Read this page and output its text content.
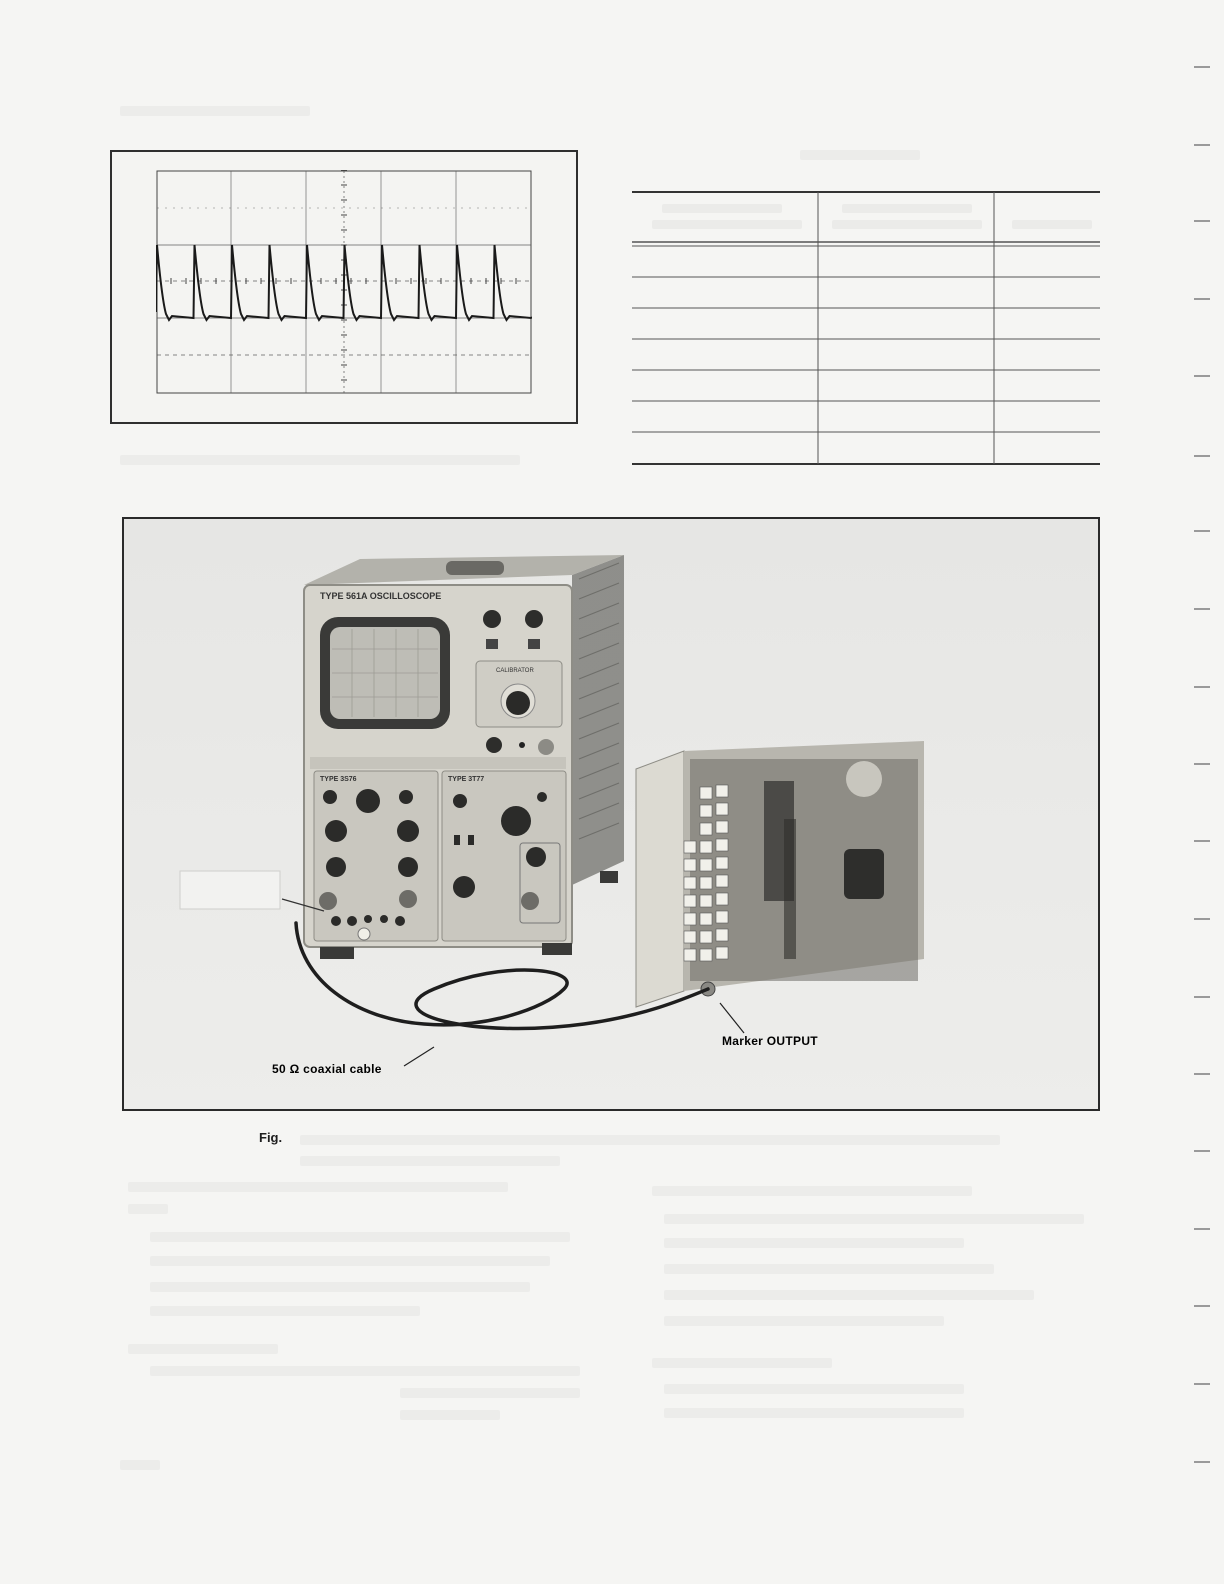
TYPE 561A OSCILLOSCOPE
CALIBRATOR
TYPE 3S76	TYPE 3T77
Marker OUTPUT
50 Ω coaxial cable
Fig.
